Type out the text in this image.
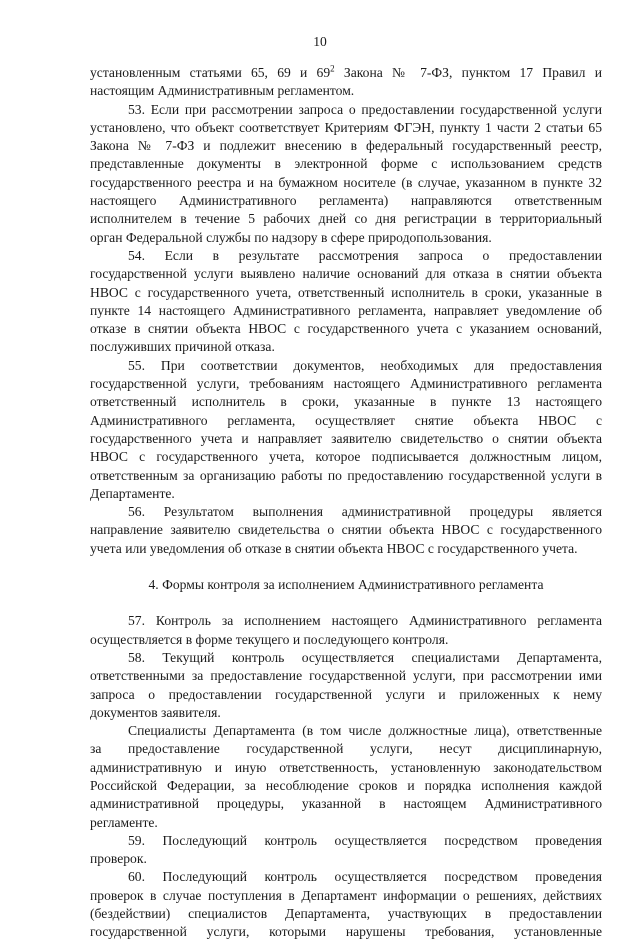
10
установленным статьями 65, 69 и $69^2$ Закона № 7-ФЗ, пунктом 17 Правил и
настоящим Административным регламентом.
53. Если при рассмотрении запроса о предоставлении государственной услуги
установлено, что объект соответствует Критериям ФГЭН, пункту 1 части 2 статьи 65
Закона № 7-ФЗ и подлежит внесению в федеральный государственный реестр,
представленные документы в электронной форме с использованием средств
государственного реестра и на бумажном носителе (в случае, указанном в пункте 32
настоящего Административного регламента) направляются ответственным
исполнителем в течение 5 рабочих дней со дня регистрации в территориальный
орган Федеральной службы по надзору в сфере природопользования.
54. Если в результате рассмотрения запроса о предоставлении
государственной услуги выявлено наличие оснований для отказа в снятии объекта
НВОС с государственного учета, ответственный исполнитель в сроки, указанные в
пункте 14 настоящего Административного регламента, направляет уведомление об
отказе в снятии объекта НВОС с государственного учета с указанием оснований,
послуживших причиной отказа.
55. При соответствии документов, необходимых для предоставления
государственной услуги, требованиям настоящего Административного регламента
ответственный исполнитель в сроки, указанные в пункте 13 настоящего
Административного регламента, осуществляет снятие объекта НВОС с
государственного учета и направляет заявителю свидетельство о снятии объекта
НВОС с государственного учета, которое подписывается должностным лицом,
ответственным за организацию работы по предоставлению государственной услуги в
Департаменте.
56. Результатом выполнения административной процедуры является
направление заявителю свидетельства о снятии объекта НВОС с государственного
учета или уведомления об отказе в снятии объекта НВОС с государственного учета.
4. Формы контроля за исполнением Административного регламента
57. Контроль за исполнением настоящего Административного регламента
осуществляется в форме текущего и последующего контроля.
58. Текущий контроль осуществляется специалистами Департамента,
ответственными за предоставление государственной услуги, при рассмотрении ими
запроса о предоставлении государственной услуги и приложенных к нему
документов заявителя.
Специалисты Департамента (в том числе должностные лица), ответственные
за предоставление государственной услуги, несут дисциплинарную,
административную и иную ответственность, установленную законодательством
Российской Федерации, за несоблюдение сроков и порядка исполнения каждой
административной процедуры, указанной в настоящем Административного
регламенте.
59. Последующий контроль осуществляется посредством проведения
проверок.
60. Последующий контроль осуществляется посредством проведения
проверок в случае поступления в Департамент информации о решениях, действиях
(бездействии) специалистов Департамента, участвующих в предоставлении
государственной услуги, которыми нарушены требования, установленные
